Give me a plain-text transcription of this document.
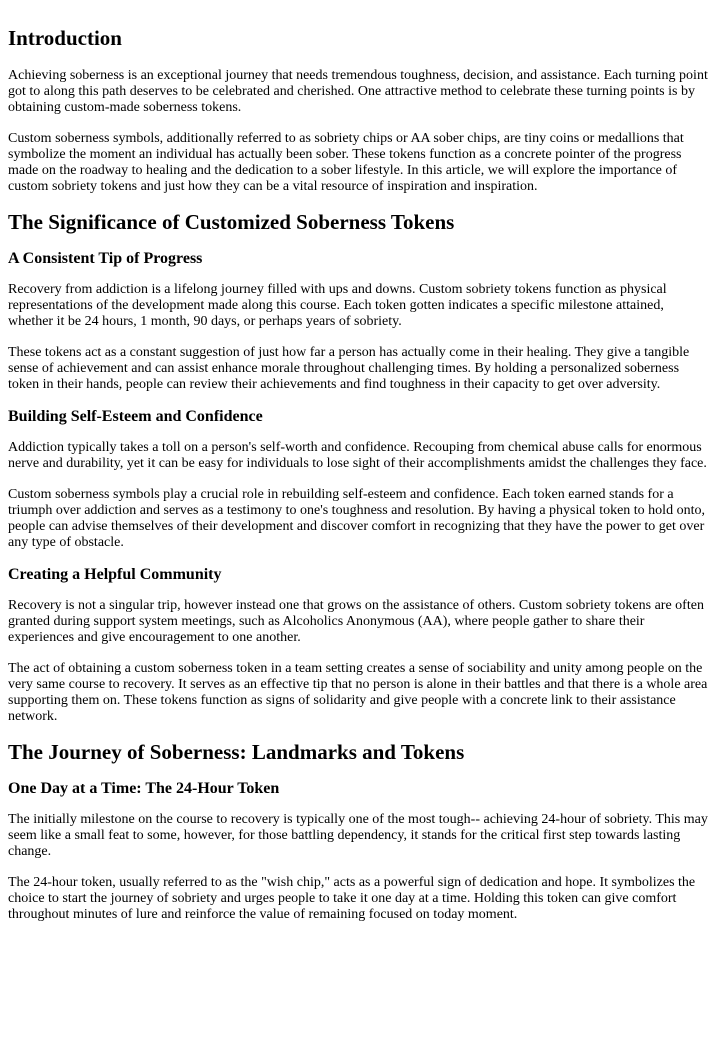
Introduction

Achieving soberness is an exceptional journey that needs tremendous toughness, decision, and assistance. Each turning point got to along this path deserves to be celebrated and cherished. One attractive method to celebrate these turning points is by obtaining custom-made soberness tokens.

Custom soberness symbols, additionally referred to as sobriety chips or AA sober chips, are tiny coins or medallions that symbolize the moment an individual has actually been sober. These tokens function as a concrete pointer of the progress made on the roadway to healing and the dedication to a sober lifestyle. In this article, we will explore the importance of custom sobriety tokens and just how they can be a vital resource of inspiration and inspiration.

The Significance of Customized Soberness Tokens
A Consistent Tip of Progress

Recovery from addiction is a lifelong journey filled with ups and downs. Custom sobriety tokens function as physical representations of the development made along this course. Each token gotten indicates a specific milestone attained, whether it be 24 hours, 1 month, 90 days, or perhaps years of sobriety.

These tokens act as a constant suggestion of just how far a person has actually come in their healing. They give a tangible sense of achievement and can assist enhance morale throughout challenging times. By holding a personalized soberness token in their hands, people can review their achievements and find toughness in their capacity to get over adversity.

Building Self-Esteem and Confidence

Addiction typically takes a toll on a person's self-worth and confidence. Recouping from chemical abuse calls for enormous nerve and durability, yet it can be easy for individuals to lose sight of their accomplishments amidst the challenges they face.

Custom soberness symbols play a crucial role in rebuilding self-esteem and confidence. Each token earned stands for a triumph over addiction and serves as a testimony to one's toughness and resolution. By having a physical token to hold onto, people can advise themselves of their development and discover comfort in recognizing that they have the power to get over any type of obstacle.

Creating a Helpful Community

Recovery is not a singular trip, however instead one that grows on the assistance of others. Custom sobriety tokens are often granted during support system meetings, such as Alcoholics Anonymous (AA), where people gather to share their experiences and give encouragement to one another.

The act of obtaining a custom soberness token in a team setting creates a sense of sociability and unity among people on the very same course to recovery. It serves as an effective tip that no person is alone in their battles and that there is a whole area supporting them on. These tokens function as signs of solidarity and give people with a concrete link to their assistance network.

The Journey of Soberness: Landmarks and Tokens
One Day at a Time: The 24-Hour Token

The initially milestone on the course to recovery is typically one of the most tough-- achieving 24-hour of sobriety. This may seem like a small feat to some, however, for those battling dependency, it stands for the critical first step towards lasting change.

The 24-hour token, usually referred to as the "wish chip," acts as a powerful sign of dedication and hope. It symbolizes the choice to start the journey of sobriety and urges people to take it one day at a time. Holding this token can give comfort throughout minutes of lure and reinforce the value of remaining focused on today moment.
